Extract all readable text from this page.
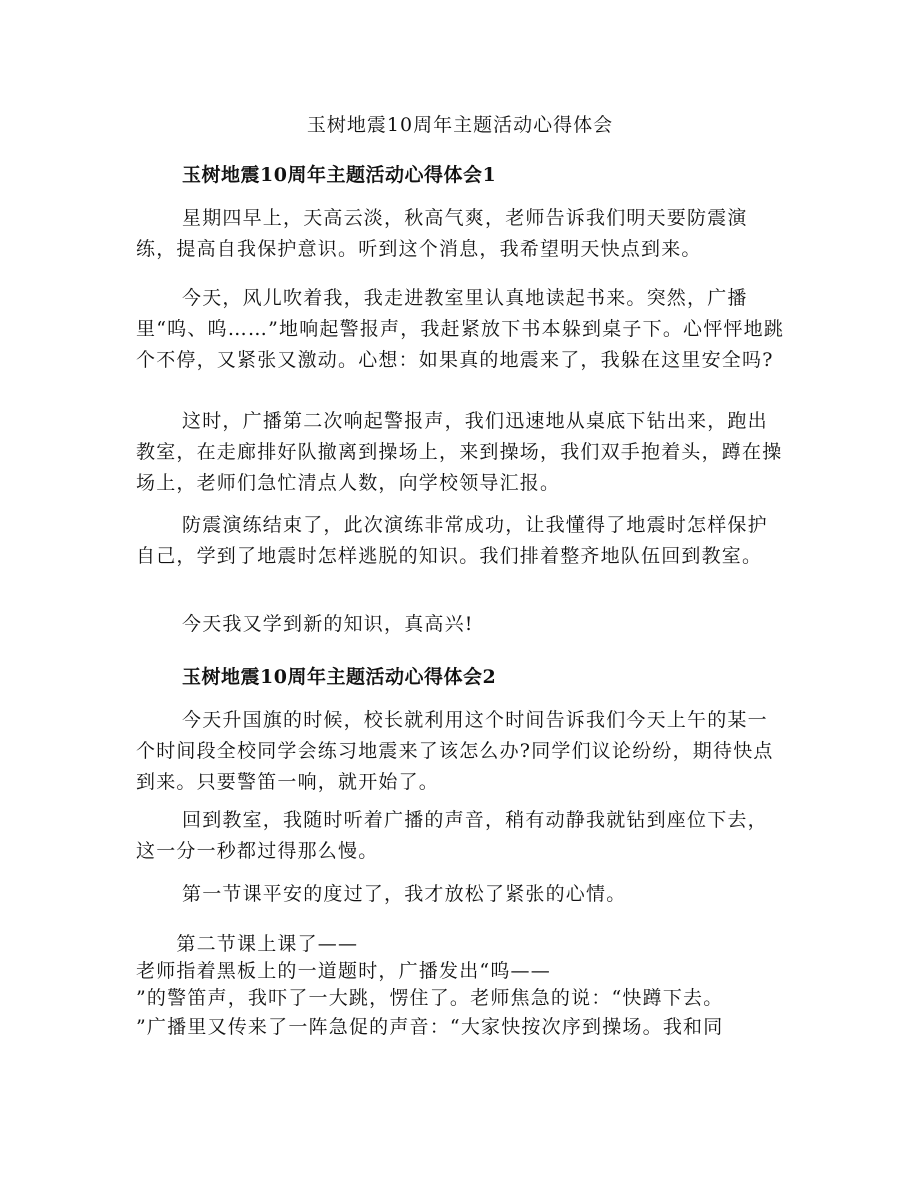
玉树地震10周年主题活动心得体会
玉树地震10周年主题活动心得体会1

星期四早上，天高云淡，秋高气爽，老师告诉我们明天要防震演练，提高自我保护意识。听到这个消息，我希望明天快点到来。

今天，风儿吹着我，我走进教室里认真地读起书来。突然，广播里“呜、呜……”地响起警报声，我赶紧放下书本躲到桌子下。心怦怦地跳个不停，又紧张又激动。心想：如果真的地震来了，我躲在这里安全吗?

这时，广播第二次响起警报声，我们迅速地从桌底下钻出来，跑出教室，在走廊排好队撤离到操场上，来到操场，我们双手抱着头，蹲在操场上，老师们急忙清点人数，向学校领导汇报。

防震演练结束了，此次演练非常成功，让我懂得了地震时怎样保护自己，学到了地震时怎样逃脱的知识。我们排着整齐地队伍回到教室。

今天我又学到新的知识，真高兴!

玉树地震10周年主题活动心得体会2

今天升国旗的时候，校长就利用这个时间告诉我们今天上午的某一个时间段全校同学会练习地震来了该怎么办?同学们议论纷纷，期待快点到来。只要警笛一响，就开始了。

回到教室，我随时听着广播的声音，稍有动静我就钻到座位下去，这一分一秒都过得那么慢。

第一节课平安的度过了，我才放松了紧张的心情。

　　第二节课上课了——
老师指着黑板上的一道题时，广播发出“呜——
”的警笛声，我吓了一大跳，愣住了。老师焦急的说：“快蹲下去。
”广播里又传来了一阵急促的声音：“大家快按次序到操场。我和同
